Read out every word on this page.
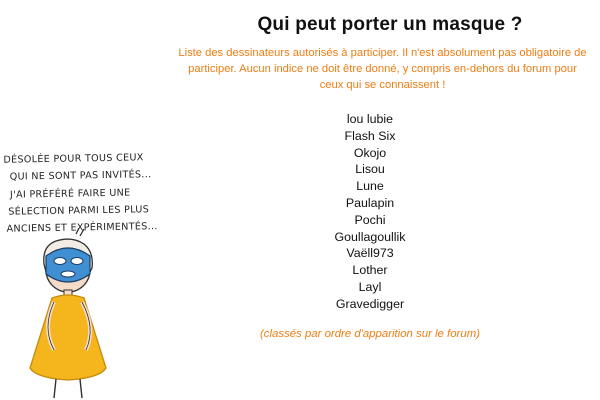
Qui peut porter un masque ?
Liste des dessinateurs autorisés à participer. Il n'est absolument pas obligatoire de participer. Aucun indice ne doit être donné, y compris en-dehors du forum pour ceux qui se connaissent !
lou lubie
Flash Six
Okojo
Lisou
Lune
Paulapin
Pochi
Goullagoullik
Vaëll973
Lother
Layl
Gravedigger
(classés par ordre d'apparition sur le forum)
DÉSOLÉE POUR TOUS CEUX
QUI NE SONT PAS INVITÉS...
J'AI PRÉFÉRÉ FAIRE UNE
SÉLECTION PARMI LES PLUS
ANCIENS ET EXPÉRIMENTÉS...
